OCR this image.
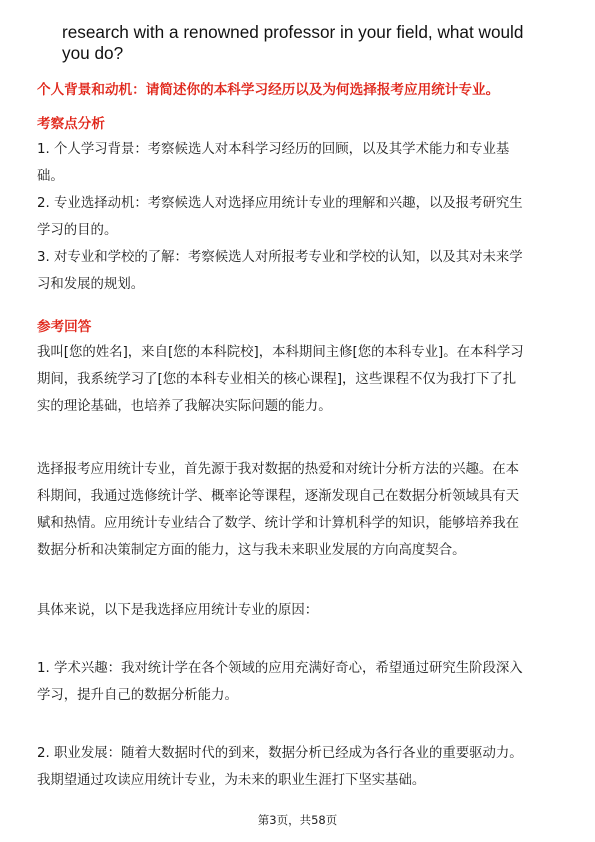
research with a renowned professor in your field, what would
you do?
个人背景和动机：请简述你的本科学习经历以及为何选择报考应用统计专业。
考察点分析
1. 个人学习背景：考察候选人对本科学习经历的回顾，以及其学术能力和专业基
础。
2. 专业选择动机：考察候选人对选择应用统计专业的理解和兴趣，以及报考研究生
学习的目的。
3. 对专业和学校的了解：考察候选人对所报考专业和学校的认知，以及其对未来学
习和发展的规划。
参考回答
我叫[您的姓名]，来自[您的本科院校]，本科期间主修[您的本科专业]。在本科学习
期间，我系统学习了[您的本科专业相关的核心课程]，这些课程不仅为我打下了扎
实的理论基础，也培养了我解决实际问题的能力。
选择报考应用统计专业，首先源于我对数据的热爱和对统计分析方法的兴趣。在本
科期间，我通过选修统计学、概率论等课程，逐渐发现自己在数据分析领域具有天
赋和热情。应用统计专业结合了数学、统计学和计算机科学的知识，能够培养我在
数据分析和决策制定方面的能力，这与我未来职业发展的方向高度契合。
具体来说，以下是我选择应用统计专业的原因：
1. 学术兴趣：我对统计学在各个领域的应用充满好奇心，希望通过研究生阶段深入
学习，提升自己的数据分析能力。
2. 职业发展：随着大数据时代的到来，数据分析已经成为各行各业的重要驱动力。
我期望通过攻读应用统计专业，为未来的职业生涯打下坚实基础。
第3页，共58页
